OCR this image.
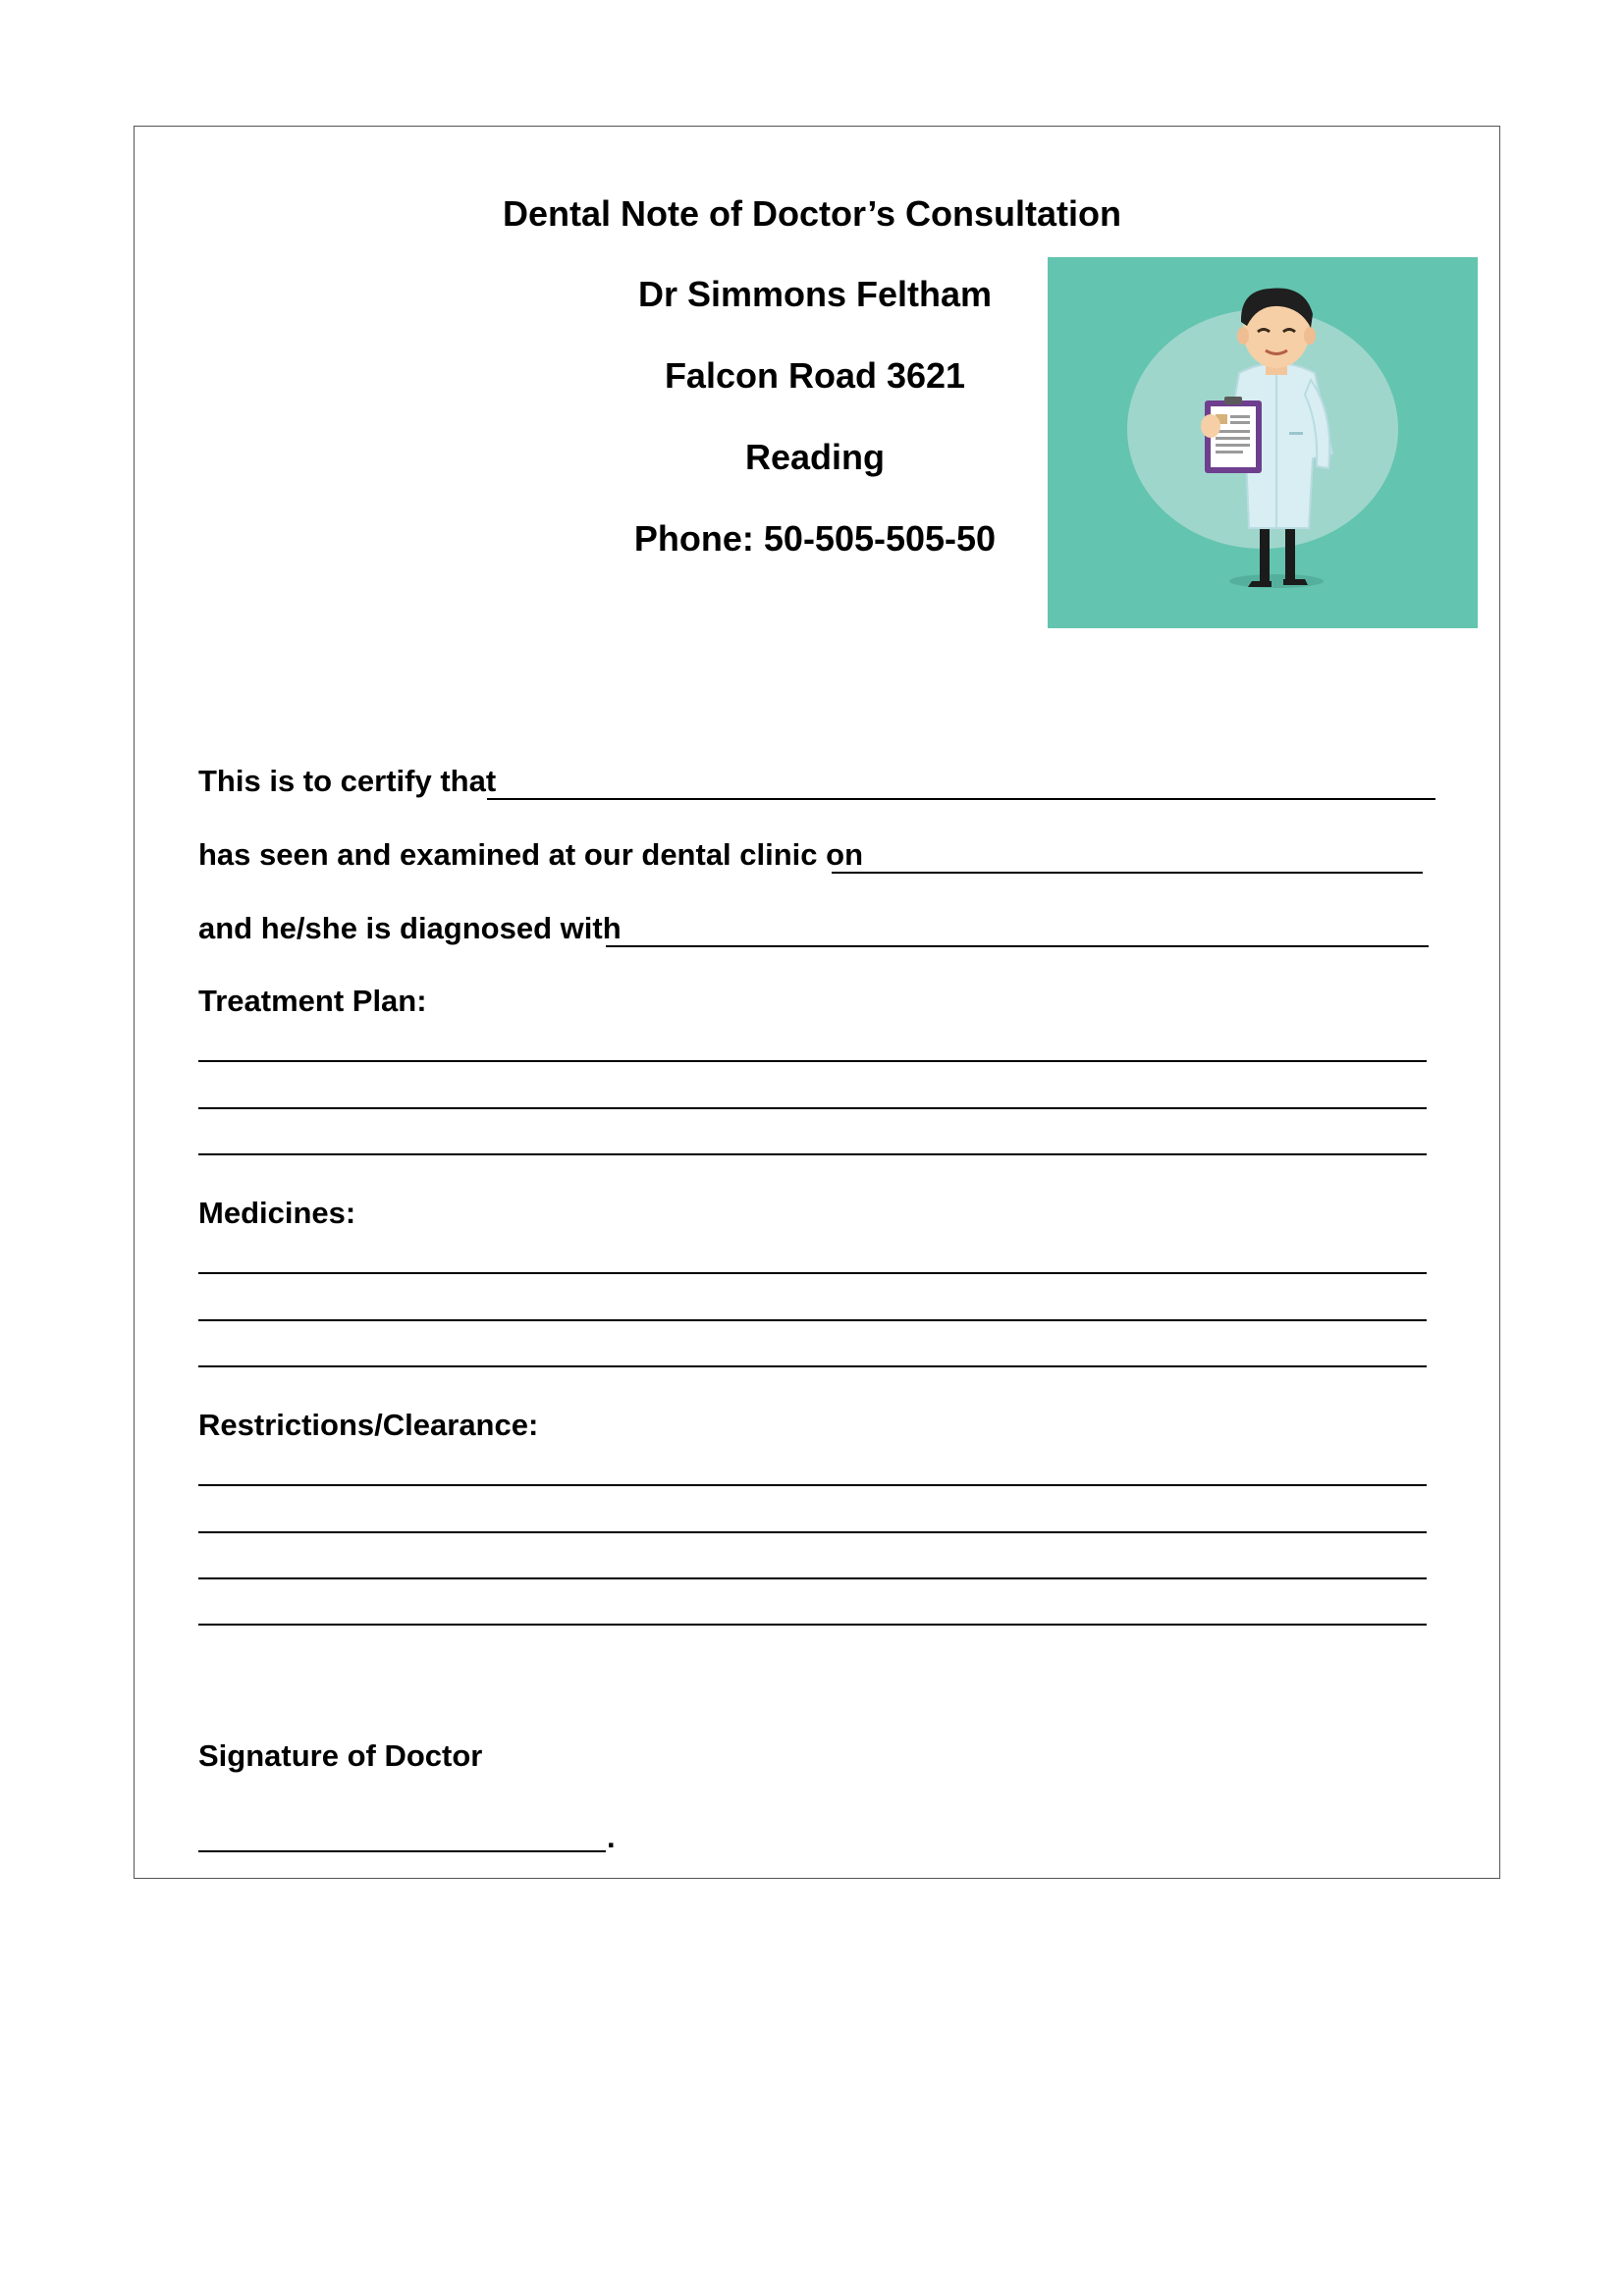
Dental Note of Doctor’s Consultation
Dr Simmons Feltham
Falcon Road 3621
Reading
Phone: 50-505-505-50
This is to certify that
has seen and examined at our dental clinic on
and he/she is diagnosed with
Treatment Plan:
Medicines:
Restrictions/Clearance:
Signature of Doctor
.
